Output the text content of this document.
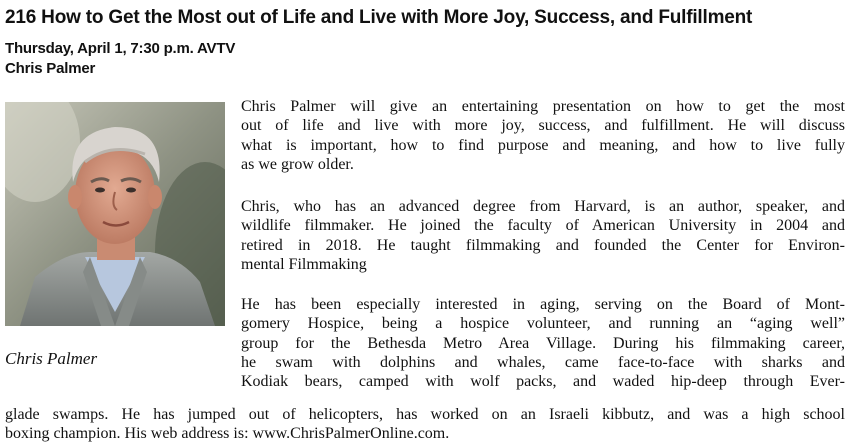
216 How to Get the Most out of Life and Live with More Joy, Success, and Fulfillment
Thursday, April 1, 7:30 p.m. AVTV
Chris Palmer
Chris Palmer
Chris Palmer will give an entertaining presentation on how to get the most
out of life and live with more joy, success, and fulfillment. He will discuss
what is important, how to find purpose and meaning, and how to live fully
as we grow older.
Chris, who has an advanced degree from Harvard, is an author, speaker, and
wildlife filmmaker. He joined the faculty of American University in 2004 and
retired in 2018. He taught filmmaking and founded the Center for Environ-
mental Filmmaking
He has been especially interested in aging, serving on the Board of Mont-
gomery Hospice, being a hospice volunteer, and running an “aging well”
group for the Bethesda Metro Area Village. During his filmmaking career,
he swam with dolphins and whales, came face-to-face with sharks and
Kodiak bears, camped with wolf packs, and waded hip-deep through Ever-
glade swamps. He has jumped out of helicopters, has worked on an Israeli kibbutz, and was a high school
boxing champion. His web address is: www.ChrisPalmerOnline.com.
